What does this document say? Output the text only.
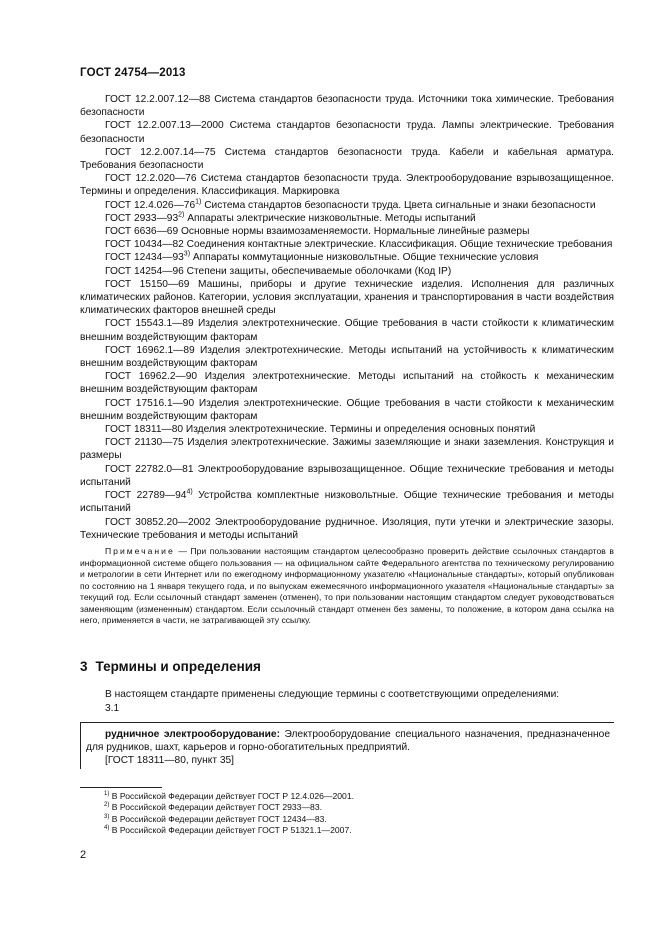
ГОСТ 24754—2013

ГОСТ 12.2.007.12—88 Система стандартов безопасности труда. Источники тока химические. Требования безопасности

ГОСТ 12.2.007.13—2000 Система стандартов безопасности труда. Лампы электрические. Требования безопасности

ГОСТ 12.2.007.14—75 Система стандартов безопасности труда. Кабели и кабельная арматура. Требования безопасности

ГОСТ 12.2.020—76 Система стандартов безопасности труда. Электрооборудование взрывозащищенное. Термины и определения. Классификация. Маркировка

ГОСТ 12.4.026—76$^{1)}$ Система стандартов безопасности труда. Цвета сигнальные и знаки безопасности

ГОСТ 2933—93$^{2)}$ Аппараты электрические низковольтные. Методы испытаний

ГОСТ 6636—69 Основные нормы взаимозаменяемости. Нормальные линейные размеры

ГОСТ 10434—82 Соединения контактные электрические. Классификация. Общие технические требования

ГОСТ 12434—93$^{3)}$ Аппараты коммутационные низковольтные. Общие технические условия

ГОСТ 14254—96 Степени защиты, обеспечиваемые оболочками (Код IP)

ГОСТ 15150—69 Машины, приборы и другие технические изделия. Исполнения для различных климатических районов. Категории, условия эксплуатации, хранения и транспортирования в части воздействия климатических факторов внешней среды

ГОСТ 15543.1—89 Изделия электротехнические. Общие требования в части стойкости к климатическим внешним воздействующим факторам

ГОСТ 16962.1—89 Изделия электротехнические. Методы испытаний на устойчивость к климатическим внешним воздействующим факторам

ГОСТ 16962.2—90 Изделия электротехнические. Методы испытаний на стойкость к механическим внешним воздействующим факторам

ГОСТ 17516.1—90 Изделия электротехнические. Общие требования в части стойкости к механическим внешним воздействующим факторам

ГОСТ 18311—80 Изделия электротехнические. Термины и определения основных понятий

ГОСТ 21130—75 Изделия электротехнические. Зажимы заземляющие и знаки заземления. Конструкция и размеры

ГОСТ 22782.0—81 Электрооборудование взрывозащищенное. Общие технические требования и методы испытаний

ГОСТ 22789—94$^{4)}$ Устройства комплектные низковольтные. Общие технические требования и методы испытаний

ГОСТ 30852.20—2002 Электрооборудование рудничное. Изоляция, пути утечки и электрические зазоры. Технические требования и методы испытаний

Примечание — При пользовании настоящим стандартом целесообразно проверить действие ссылочных стандартов в информационной системе общего пользования — на официальном сайте Федерального агентства по техническому регулированию и метрологии в сети Интернет или по ежегодному информационному указателю «Национальные стандарты», который опубликован по состоянию на 1 января текущего года, и по выпускам ежемесячного информационного указателя «Национальные стандарты» за текущий год. Если ссылочный стандарт заменен (отменен), то при пользовании настоящим стандартом следует руководствоваться заменяющим (измененным) стандартом. Если ссылочный стандарт отменен без замены, то положение, в котором дана ссылка на него, применяется в части, не затрагивающей эту ссылку.

3 Термины и определения

В настоящем стандарте применены следующие термины с соответствующими определениями:

3.1

рудничное электрооборудование: Электрооборудование специального назначения, предназначенное для рудников, шахт, карьеров и горно-обогатительных предприятий.
[ГОСТ 18311—80, пункт 35]

$^{1)}$ В Российской Федерации действует ГОСТ Р 12.4.026—2001.

$^{2)}$ В Российской Федерации действует ГОСТ 2933—83.

$^{3)}$ В Российской Федерации действует ГОСТ 12434—83.

$^{4)}$ В Российской Федерации действует ГОСТ Р 51321.1—2007.

2
